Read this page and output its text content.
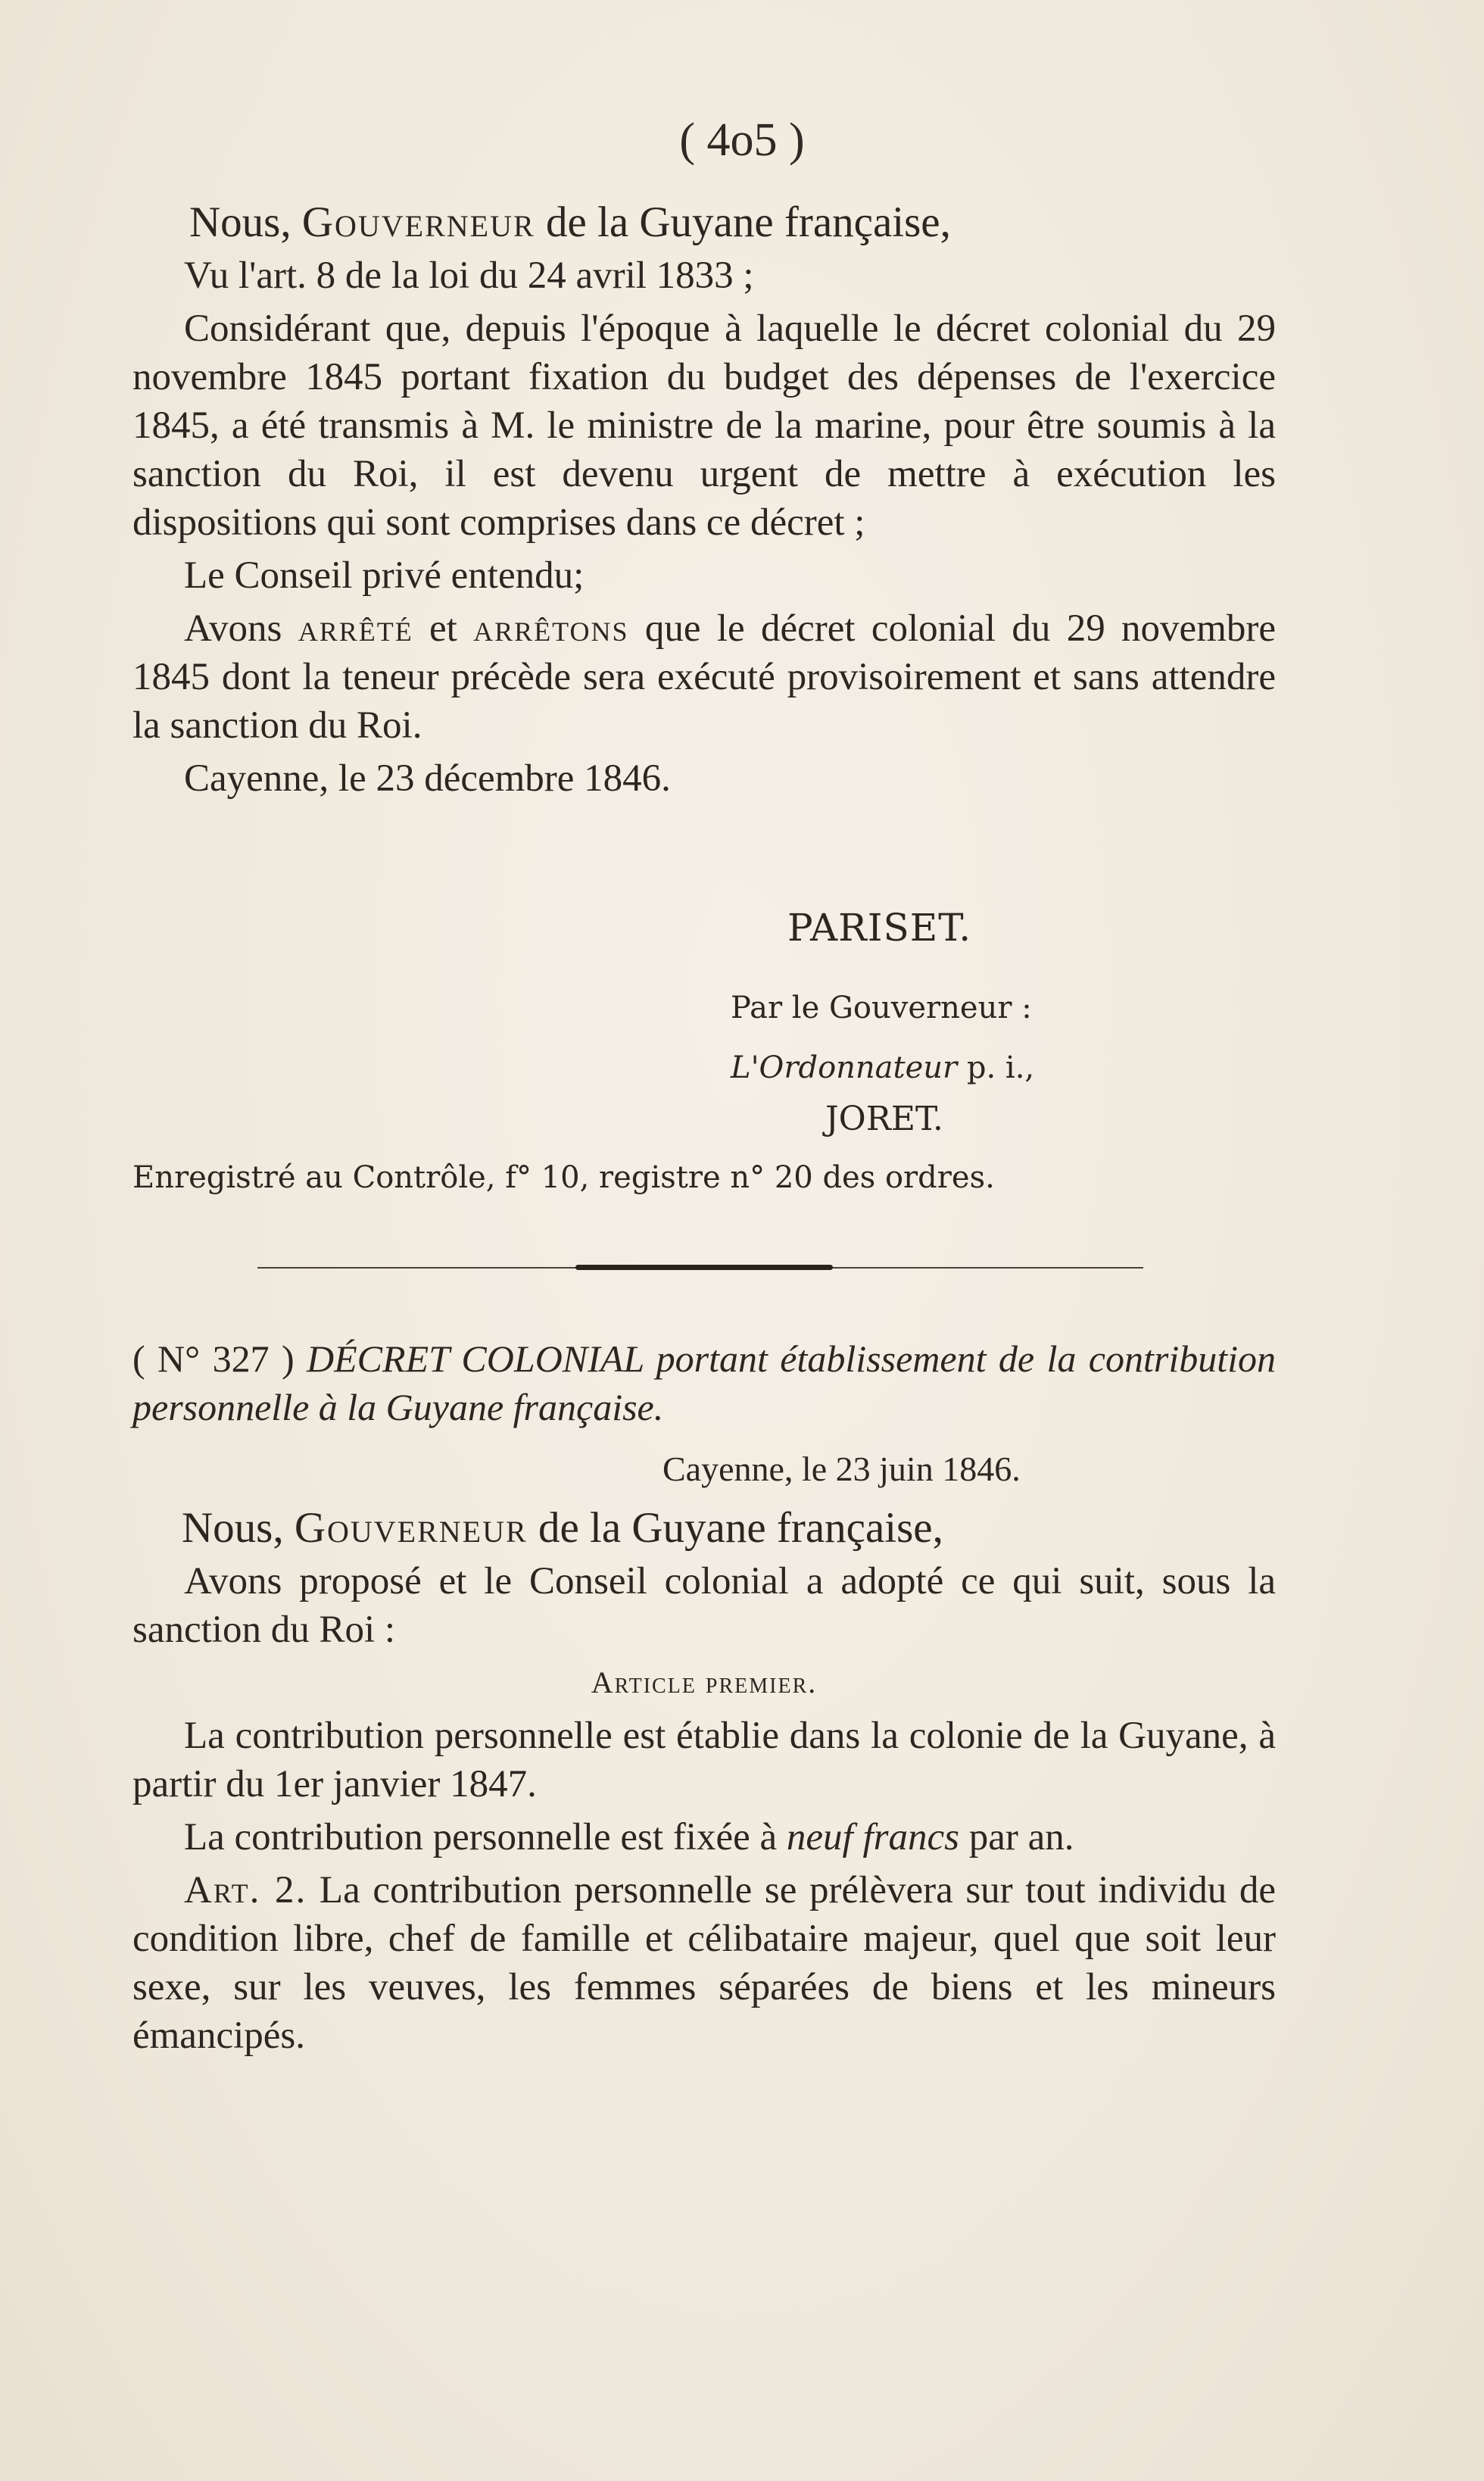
( 4o5 )

Nous, Gouverneur de la Guyane française,

Vu l'art. 8 de la loi du 24 avril 1833 ;

Considérant que, depuis l'époque à laquelle le décret colonial du 29 novembre 1845 portant fixation du budget des dépenses de l'exercice 1845, a été transmis à M. le ministre de la marine, pour être soumis à la sanction du Roi, il est devenu urgent de mettre à exécution les dispositions qui sont comprises dans ce décret ;

Le Conseil privé entendu;

Avons arrêté et arrêtons que le décret colonial du 29 novembre 1845 dont la teneur précède sera exécuté provisoirement et sans attendre la sanction du Roi.

Cayenne, le 23 décembre 1846.

PARISET.
Par le Gouverneur :
L'Ordonnateur p. i.,
JORET.
Enregistré au Contrôle, f° 10, registre n° 20 des ordres.
( N° 327 ) DÉCRET COLONIAL portant établissement de la contribution personnelle à la Guyane française.

Cayenne, le 23 juin 1846.

Nous, Gouverneur de la Guyane française,

Avons proposé et le Conseil colonial a adopté ce qui suit, sous la sanction du Roi :

Article premier.

La contribution personnelle est établie dans la colonie de la Guyane, à partir du 1er janvier 1847.

La contribution personnelle est fixée à neuf francs par an.

Art. 2. La contribution personnelle se prélèvera sur tout individu de condition libre, chef de famille et célibataire majeur, quel que soit leur sexe, sur les veuves, les femmes séparées de biens et les mineurs émancipés.
